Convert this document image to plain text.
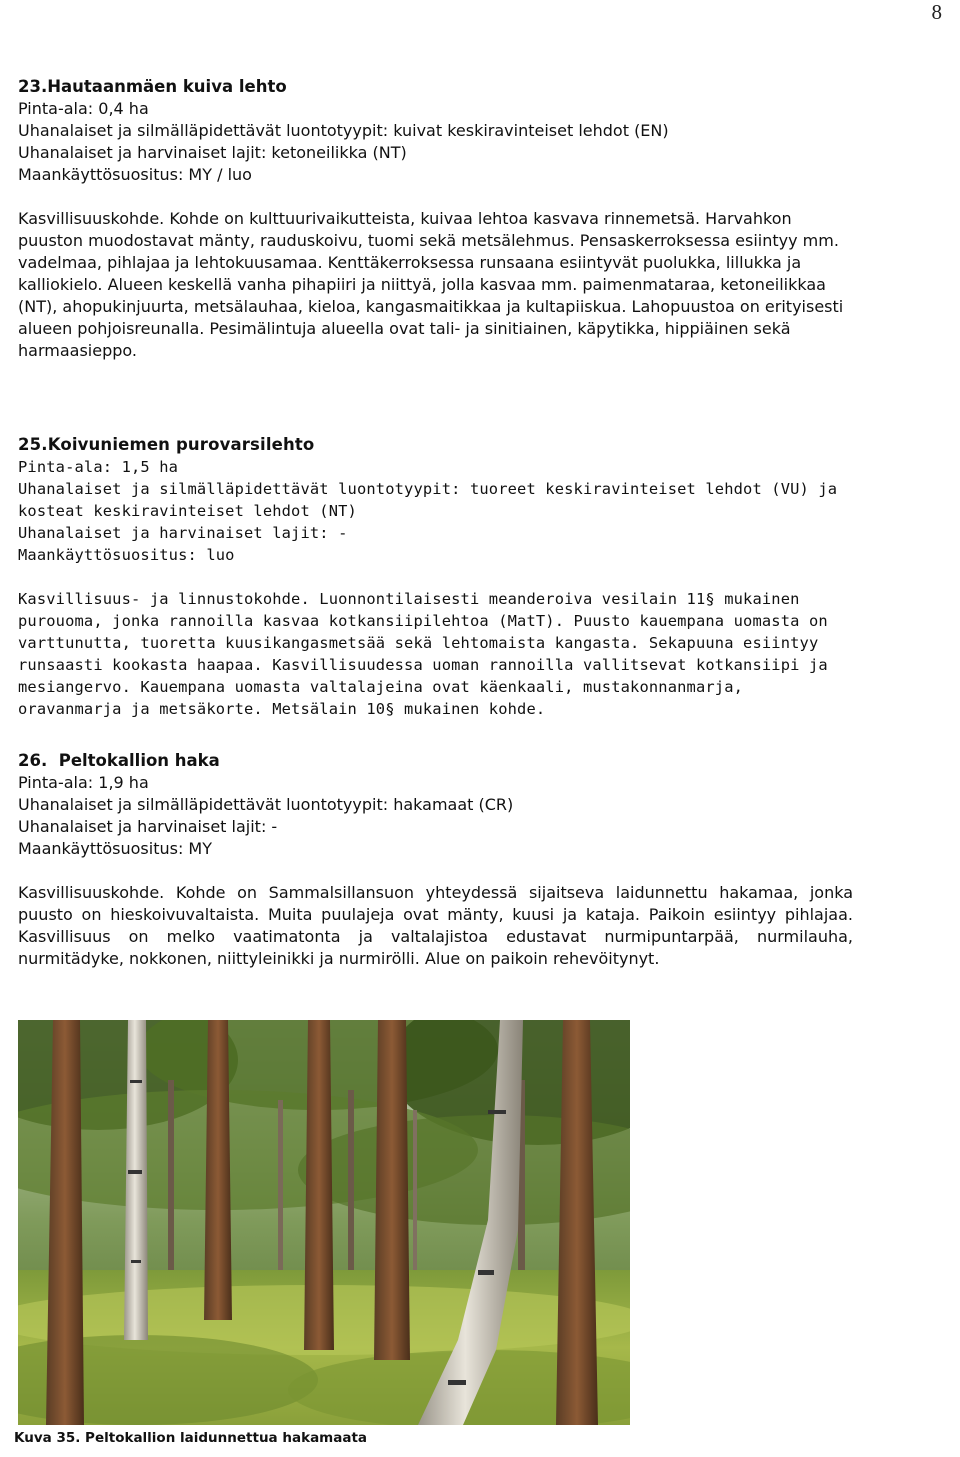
8

23.Hautaanmäen kuiva lehto

Pinta-ala: 0,4 ha

Uhanalaiset ja silmälläpidettävät luontotyypit: kuivat keskiravinteiset lehdot (EN)

Uhanalaiset ja harvinaiset lajit: ketoneilikka (NT)

Maankäyttösuositus: MY / luo

Kasvillisuuskohde. Kohde on kulttuurivaikutteista, kuivaa lehtoa kasvava rinnemetsä. Harvahkon puuston muodostavat mänty, rauduskoivu, tuomi sekä metsälehmus. Pensaskerroksessa esiintyy mm. vadelmaa, pihlajaa ja lehtokuusamaa. Kenttäkerroksessa runsaana esiintyvät puolukka, lillukka ja kalliokielo. Alueen keskellä vanha pihapiiri ja niittyä, jolla kasvaa mm. paimenmataraa, ketoneilikkaa (NT), ahopukinjuurta, metsälauhaa, kieloa, kangasmaitikkaa ja kultapiiskua. Lahopuustoa on erityisesti alueen pohjoisreunalla. Pesimälintuja alueella ovat tali- ja sinitiainen, käpytikka, hippiäinen sekä harmaasieppo.

25.Koivuniemen purovarsilehto

Pinta-ala: 1,5 ha

Uhanalaiset ja silmälläpidettävät luontotyypit: tuoreet keskiravinteiset lehdot (VU) ja kosteat keskiravinteiset lehdot (NT)

Uhanalaiset ja harvinaiset lajit: -

Maankäyttösuositus: luo

Kasvillisuus- ja linnustokohde. Luonnontilaisesti meanderoiva vesilain 11§ mukainen purouoma, jonka rannoilla kasvaa kotkansiipilehtoa (MatT). Puusto kauempana uomasta on varttunutta, tuoretta kuusikangasmetsää sekä lehtomaista kangasta. Sekapuuna esiintyy runsaasti kookasta haapaa. Kasvillisuudessa uoman rannoilla vallitsevat kotkansiipi ja mesiangervo. Kauempana uomasta valtalajeina ovat käenkaali, mustakonnanmarja, oravanmarja ja metsäkorte. Metsälain 10§ mukainen kohde.

26. Peltokallion haka

Pinta-ala: 1,9 ha

Uhanalaiset ja silmälläpidettävät luontotyypit: hakamaat (CR)

Uhanalaiset ja harvinaiset lajit: -

Maankäyttösuositus: MY

Kasvillisuuskohde. Kohde on Sammalsillansuon yhteydessä sijaitseva laidunnettu hakamaa, jonka puusto on hieskoivuvaltaista. Muita puulajeja ovat mänty, kuusi ja kataja. Paikoin esiintyy pihlajaa. Kasvillisuus on melko vaatimatonta ja valtalajistoa edustavat nurmipuntarpää, nurmilauha, nurmitädyke, nokkonen, niittyleinikki ja nurmirölli. Alue on paikoin rehevöitynyt.

Kuva 35. Peltokallion laidunnettua hakamaata
